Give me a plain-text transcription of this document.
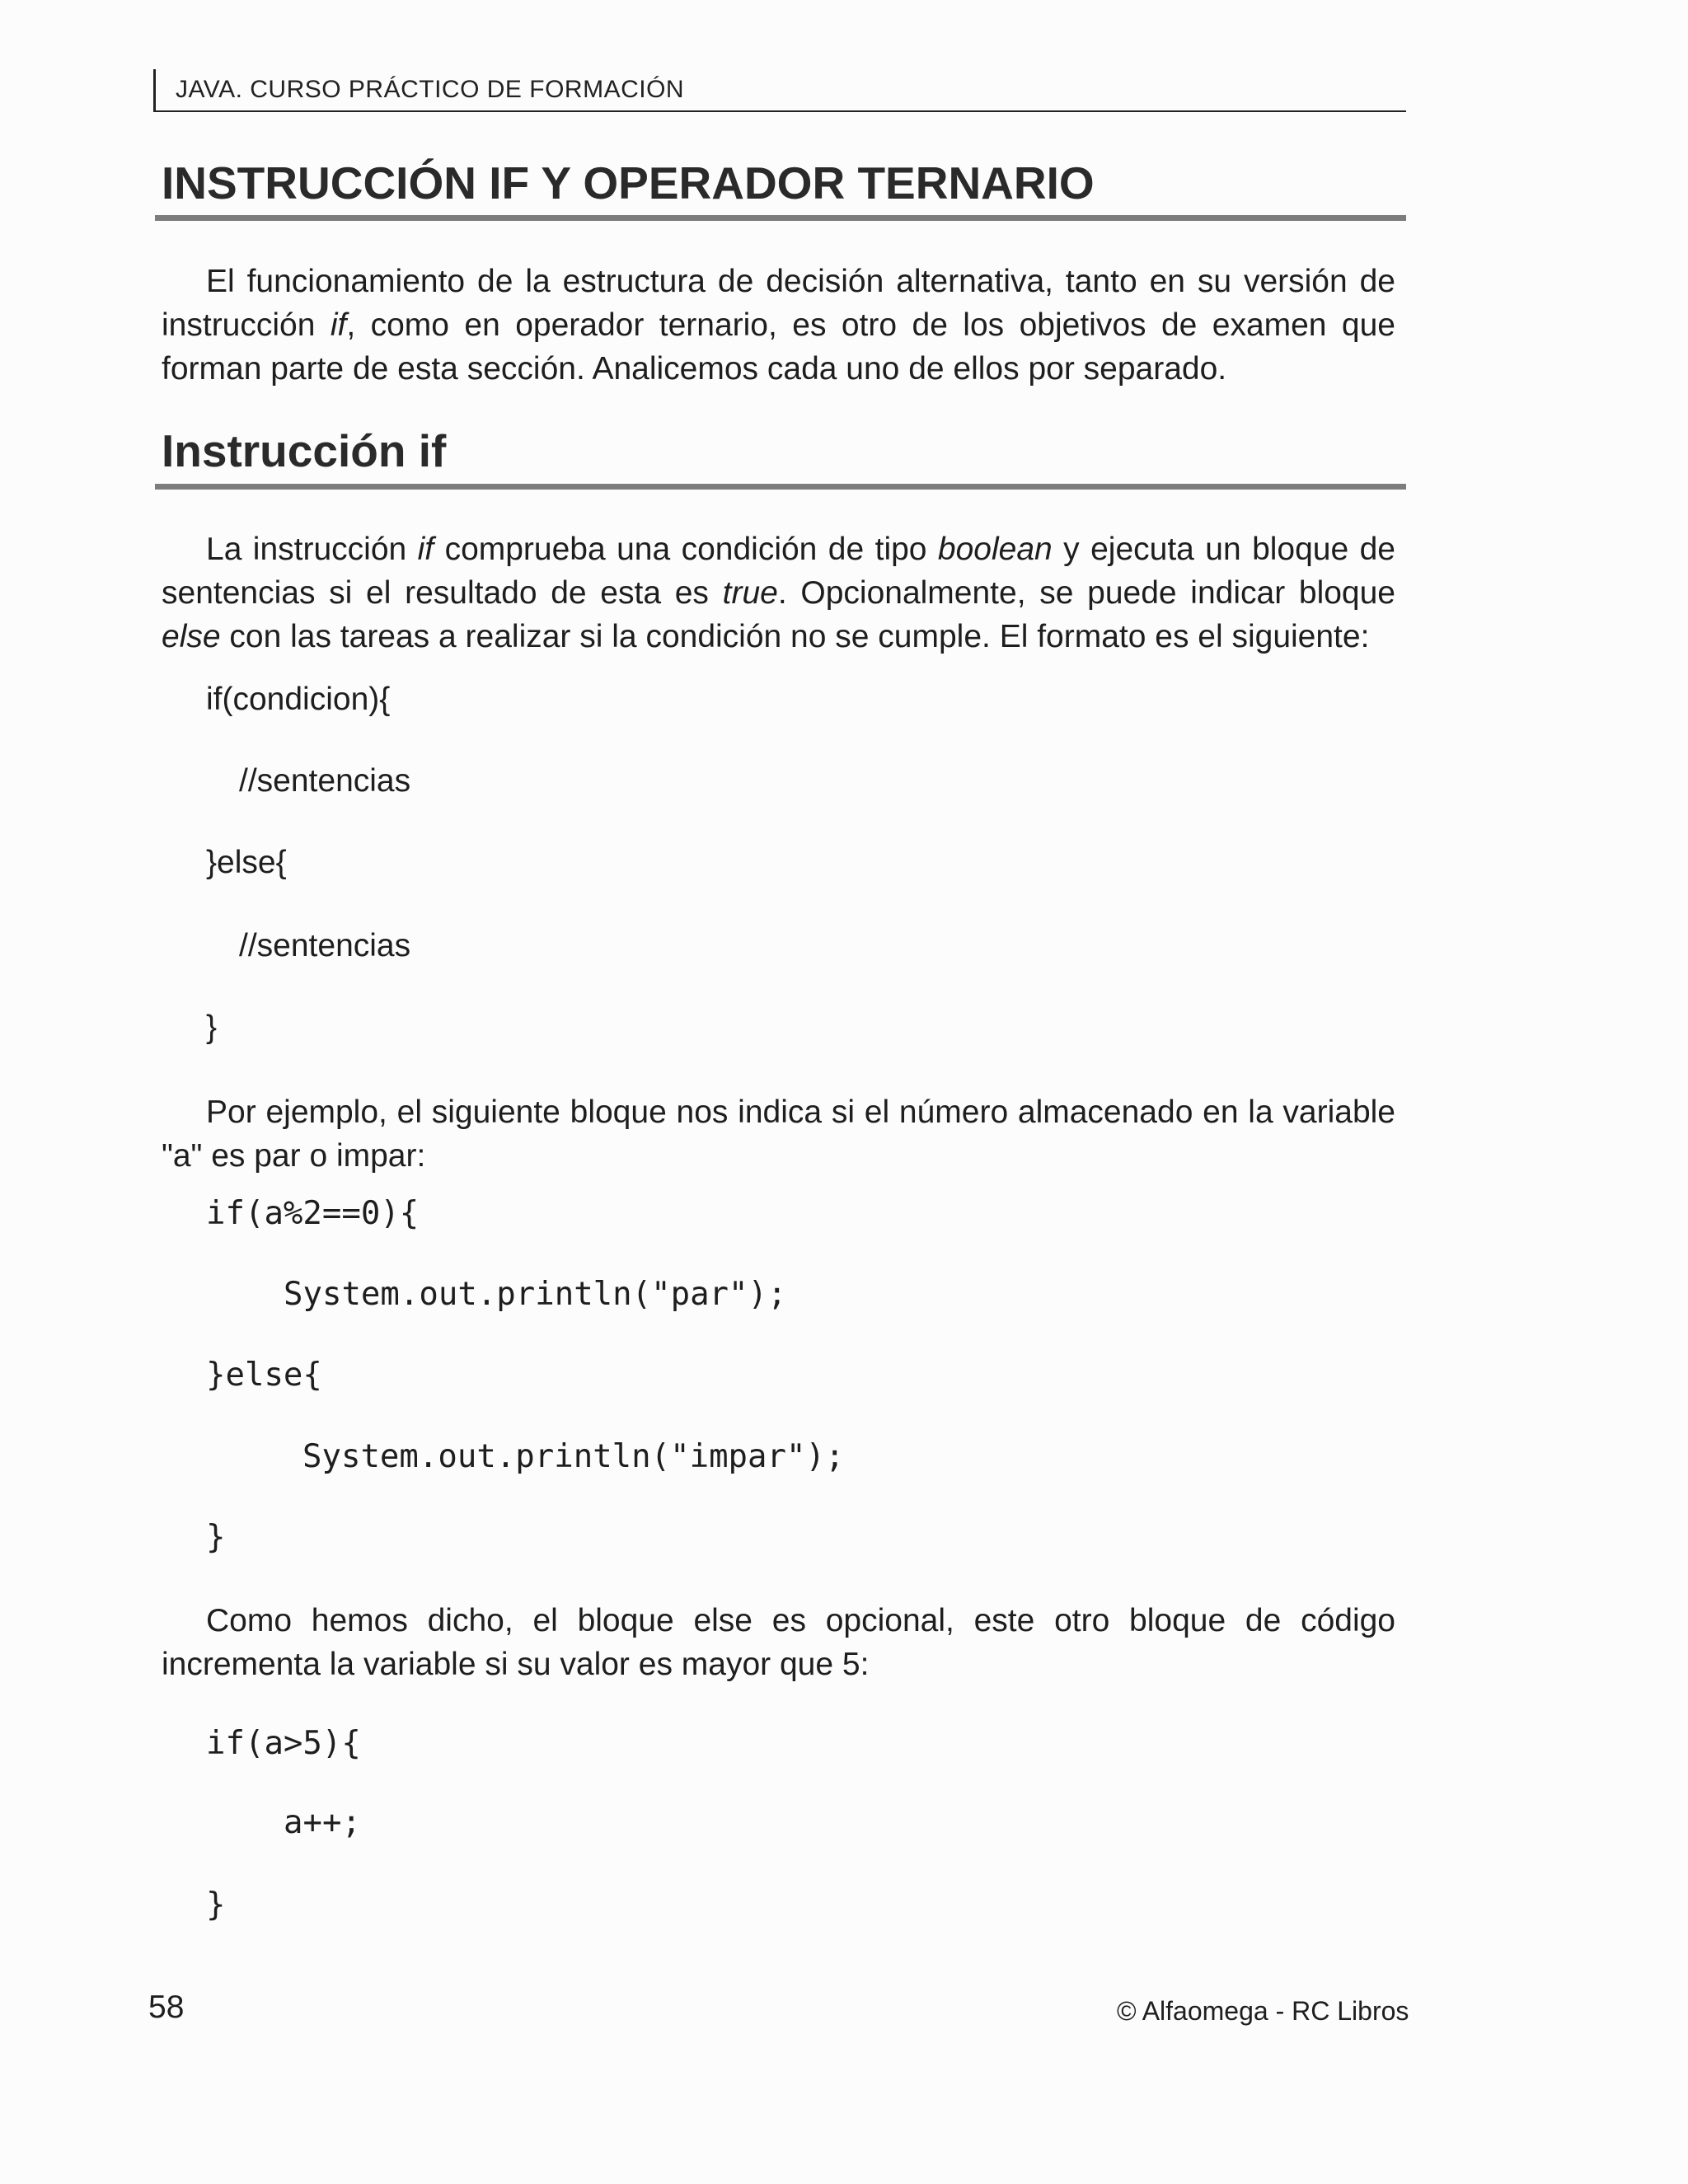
JAVA. CURSO PRÁCTICO DE FORMACIÓN
INSTRUCCIÓN IF Y OPERADOR TERNARIO

El funcionamiento de la estructura de decisión alternativa, tanto en su versión de instrucción if, como en operador ternario, es otro de los objetivos de examen que forman parte de esta sección. Analicemos cada uno de ellos por separado.

Instrucción if

La instrucción if comprueba una condición de tipo boolean y ejecuta un bloque de sentencias si el resultado de esta es true. Opcionalmente, se puede indicar bloque else con las tareas a realizar si la condición no se cumple. El formato es el siguiente:

if(condicion){
//sentencias
}else{
//sentencias
}

Por ejemplo, el siguiente bloque nos indica si el número almacenado en la variable "a" es par o impar:

if(a%2==0){
System.out.println("par");
}else{
System.out.println("impar");
}

Como hemos dicho, el bloque else es opcional, este otro bloque de código incrementa la variable si su valor es mayor que 5:

if(a>5){
a++;
}
58	© Alfaomega - RC Libros
